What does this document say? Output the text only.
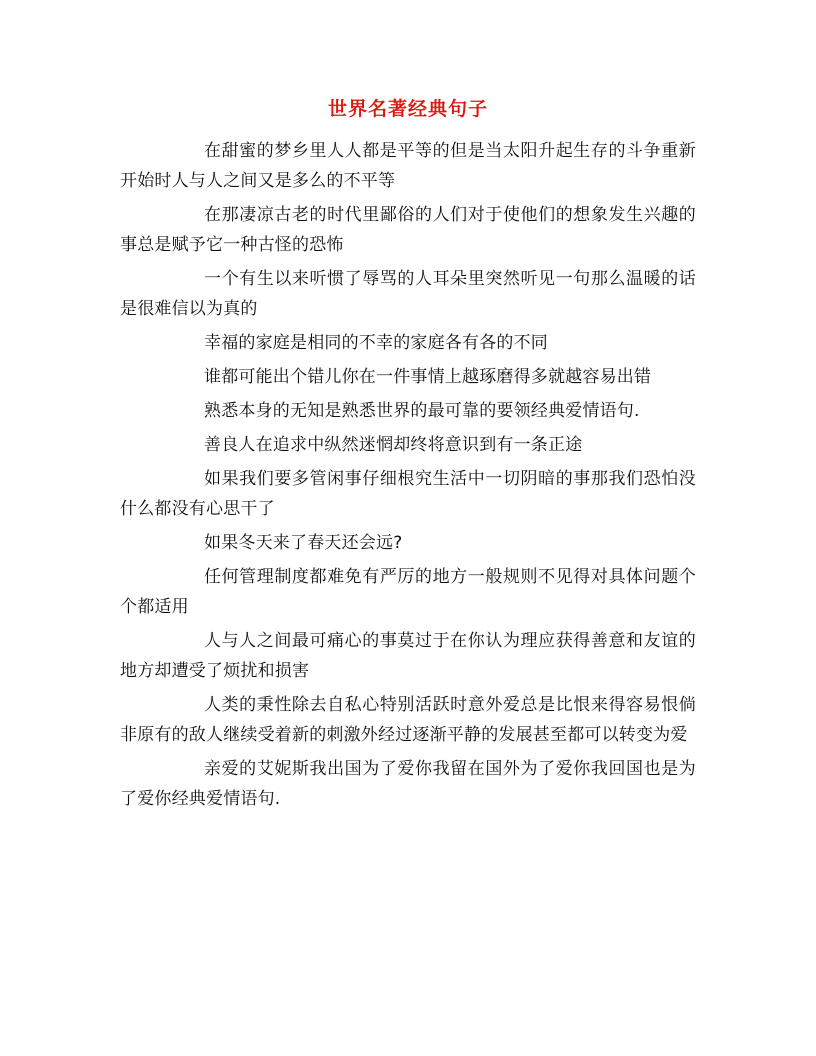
世界名著经典句子

在甜蜜的梦乡里人人都是平等的但是当太阳升起生存的斗争重新开始时人与人之间又是多么的不平等

在那凄凉古老的时代里鄙俗的人们对于使他们的想象发生兴趣的事总是赋予它一种古怪的恐怖

一个有生以来听惯了辱骂的人耳朵里突然听见一句那么温暖的话是很难信以为真的

幸福的家庭是相同的不幸的家庭各有各的不同

谁都可能出个错儿你在一件事情上越琢磨得多就越容易出错

熟悉本身的无知是熟悉世界的最可靠的要领经典爱情语句.

善良人在追求中纵然迷惘却终将意识到有一条正途

如果我们要多管闲事仔细根究生活中一切阴暗的事那我们恐怕没什么都没有心思干了

如果冬天来了春天还会远?

任何管理制度都难免有严厉的地方一般规则不见得对具体问题个个都适用

人与人之间最可痛心的事莫过于在你认为理应获得善意和友谊的地方却遭受了烦扰和损害

人类的秉性除去自私心特别活跃时意外爱总是比恨来得容易恨倘非原有的敌人继续受着新的刺激外经过逐渐平静的发展甚至都可以转变为爱

亲爱的艾妮斯我出国为了爱你我留在国外为了爱你我回国也是为了爱你经典爱情语句.
